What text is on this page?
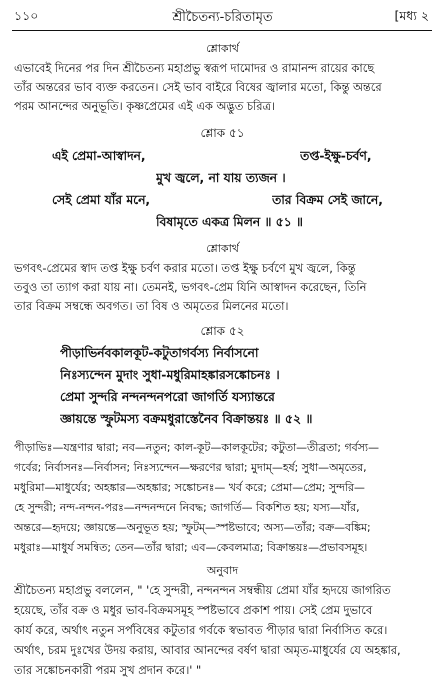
১১০	শ্রীচৈতন্য-চরিতামৃত	[মধ্য ২
শ্লোকার্থ
এভাবেই দিনের পর দিন শ্রীচৈতন্য মহাপ্রভু স্বরূপ দামোদর ও রামানন্দ রায়ের কাছে
তাঁর অন্তরের ভাব ব্যক্ত করতেন। সেই ভাব বাইরে বিষের জ্বালার মতো, কিন্তু অন্তরে
পরম আনন্দের অনুভূতি। কৃষ্ণপ্রেমের এই এক অদ্ভুত চরিত্র।
শ্লোক ৫১
এই প্রেমা-আস্বাদন,	তপ্ত-ইক্ষু-চর্বণ,
মুখ জ্বলে, না যায় ত্যজন ।
সেই প্রেমা যাঁর মনে,	তার বিক্রম সেই জানে,
বিষামৃতে একত্র মিলন ॥ ৫১ ॥
শ্লোকার্থ
ভগবৎ-প্রেমের স্বাদ তপ্ত ইক্ষু চর্বণ করার মতো। তপ্ত ইক্ষু চর্বণে মুখ জ্বলে, কিন্তু
তবুও তা ত্যাগ করা যায় না। তেমনই, ভগবৎ-প্রেম যিনি আস্বাদন করেছেন, তিনি
তার বিক্রম সম্বন্ধে অবগত। তা বিষ ও অমৃতের মিলনের মতো।
শ্লোক ৫২
পীড়াভির্নবকালকূট-কটুতাগর্বস্য নির্বাসনো
নিঃস্যন্দেন মুদাং সুধা-মধুরিমাহঙ্কারসঙ্কোচনঃ ।
প্রেমা সুন্দরি নন্দনন্দনপরো জাগর্তি যস্যান্তরে
জ্ঞায়ন্তে স্ফুটমস্য বক্রমধুরাস্তেনৈব বিক্রান্তয়ঃ ॥ ৫২ ॥
পীড়াভিঃ—যন্ত্রণার দ্বারা; নব—নতুন; কাল-কূট—কালকূটের; কটুতা—তীব্রতা; গর্বস্য—
গর্বের; নির্বাসনঃ—নির্বাসন; নিঃস্যন্দেন—ক্ষরণের দ্বারা; মুদাম্—হর্ষ; সুধা—অমৃতের,
মধুরিমা—মাধুর্যের; অহঙ্কার—অহঙ্কার; সঙ্কোচনঃ— খর্ব করে; প্রেমা—প্রেম; সুন্দরি—
হে সুন্দরী; নন্দ-নন্দন-পরঃ—নন্দনন্দনে নিবদ্ধ; জাগর্তি— বিকশিত হয়; যস্য—যাঁর,
অন্তরে—হৃদয়ে; জ্ঞায়ন্তে—অনুভূত হয়; স্ফুটম্—স্পষ্টভাবে; অস্য—তাঁর; বক্র—বঙ্কিম;
মধুরাঃ—মাধুর্য সমন্বিত; তেন—তাঁর দ্বারা; এব—কেবলমাত্র; বিক্রান্তয়ঃ—প্রভাবসমূহ।
অনুবাদ
শ্রীচৈতন্য মহাপ্রভু বললেন, " 'হে সুন্দরী, নন্দনন্দন সম্বন্ধীয় প্রেমা যাঁর হৃদয়ে জাগরিত
হয়েছে, তাঁর বক্র ও মধুর ভাব-বিক্রমসমূহ স্পষ্টভাবে প্রকাশ পায়। সেই প্রেম দুভাবে
কার্য করে, অর্থাৎ নতুন সর্পবিষের কটুতার গর্বকে স্বভাবত পীড়ার দ্বারা নির্বাসিত করে।
অর্থাৎ, চরম দুঃখের উদয় করায়, আবার আনন্দের বর্ষণ দ্বারা অমৃত-মাধুর্যের যে অহঙ্কার,
তার সঙ্কোচনকারী পরম সুখ প্রদান করে।' "
